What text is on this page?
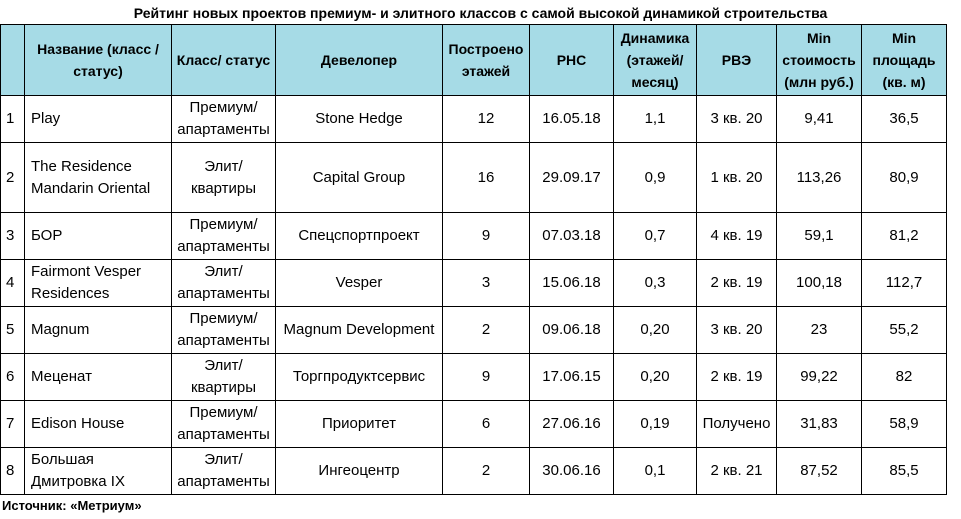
Рейтинг новых проектов премиум- и элитного классов с самой высокой динамикой строительства
	Название (класс / статус)	Класс/ статус	Девелопер	Построено этажей	РНС	Динамика (этажей/ месяц)	РВЭ	Min стоимость (млн руб.)	Min площадь (кв. м)
1	Play	Премиум/ апартаменты	Stone Hedge	12	16.05.18	1,1	3 кв. 20	9,41	36,5
2	The Residence Mandarin Oriental	Элит/ квартиры	Capital Group	16	29.09.17	0,9	1 кв. 20	113,26	80,9
3	БОР	Премиум/ апартаменты	Спецспортпроект	9	07.03.18	0,7	4 кв. 19	59,1	81,2
4	Fairmont Vesper Residences	Элит/ апартаменты	Vesper	3	15.06.18	0,3	2 кв. 19	100,18	112,7
5	Magnum	Премиум/ апартаменты	Magnum Development	2	09.06.18	0,20	3 кв. 20	23	55,2
6	Меценат	Элит/ квартиры	Торгпродуктсервис	9	17.06.15	0,20	2 кв. 19	99,22	82
7	Edison House	Премиум/ апартаменты	Приоритет	6	27.06.16	0,19	Получено	31,83	58,9
8	Большая Дмитровка IX	Элит/ апартаменты	Ингеоцентр	2	30.06.16	0,1	2 кв. 21	87,52	85,5
Источник: «Метриум»
